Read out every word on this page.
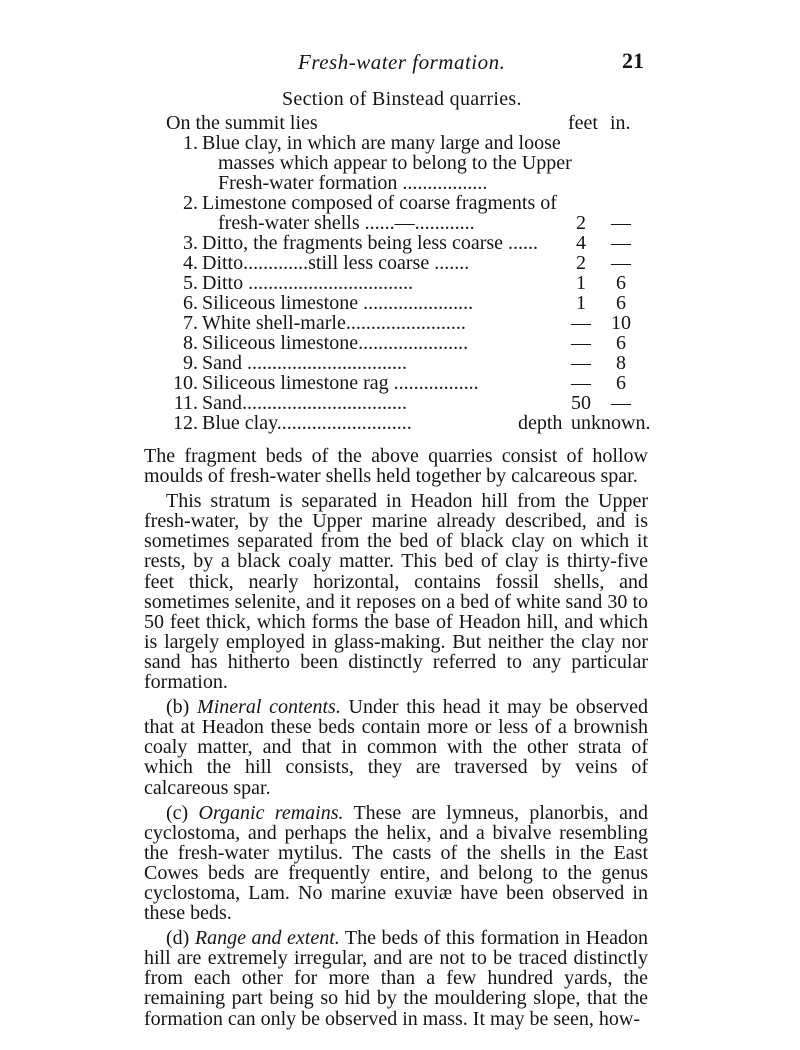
Fresh-water formation.	21
Section of Binstead quarries.
On the summit lies	feet in.
1. Blue clay, in which are many large and loose
masses which appear to belong to the Upper
Fresh-water formation .................
2. Limestone composed of coarse fragments of
fresh-water shells ......—............	2	—
3. Ditto, the fragments being less coarse ......	4	—
4. Ditto.............still less coarse .......	2	—
5. Ditto .................................	1	6
6. Siliceous limestone ......................	1	6
7. White shell-marle........................	— 10
8. Siliceous limestone......................	—	6
9. Sand ................................	—	8
10. Siliceous limestone rag .................	—	6
11. Sand.................................	50 —
12. Blue clay...........................	depth unknown.

The fragment beds of the above quarries consist of hollow moulds of fresh-water shells held together by calcareous spar.

This stratum is separated in Headon hill from the Upper fresh-water, by the Upper marine already described, and is sometimes separated from the bed of black clay on which it rests, by a black coaly matter. This bed of clay is thirty-five feet thick, nearly horizontal, contains fossil shells, and sometimes selenite, and it reposes on a bed of white sand 30 to 50 feet thick, which forms the base of Headon hill, and which is largely employed in glass-making. But neither the clay nor sand has hitherto been distinctly referred to any particular formation.

(b) Mineral contents. Under this head it may be observed that at Headon these beds contain more or less of a brownish coaly matter, and that in common with the other strata of which the hill consists, they are traversed by veins of calcareous spar.

(c) Organic remains. These are lymneus, planorbis, and cyclostoma, and perhaps the helix, and a bivalve resembling the fresh-water mytilus. The casts of the shells in the East Cowes beds are frequently entire, and belong to the genus cyclostoma, Lam. No marine exuviæ have been observed in these beds.

(d) Range and extent. The beds of this formation in Headon hill are extremely irregular, and are not to be traced distinctly from each other for more than a few hundred yards, the remaining part being so hid by the mouldering slope, that the formation can only be observed in mass. It may be seen, how-
